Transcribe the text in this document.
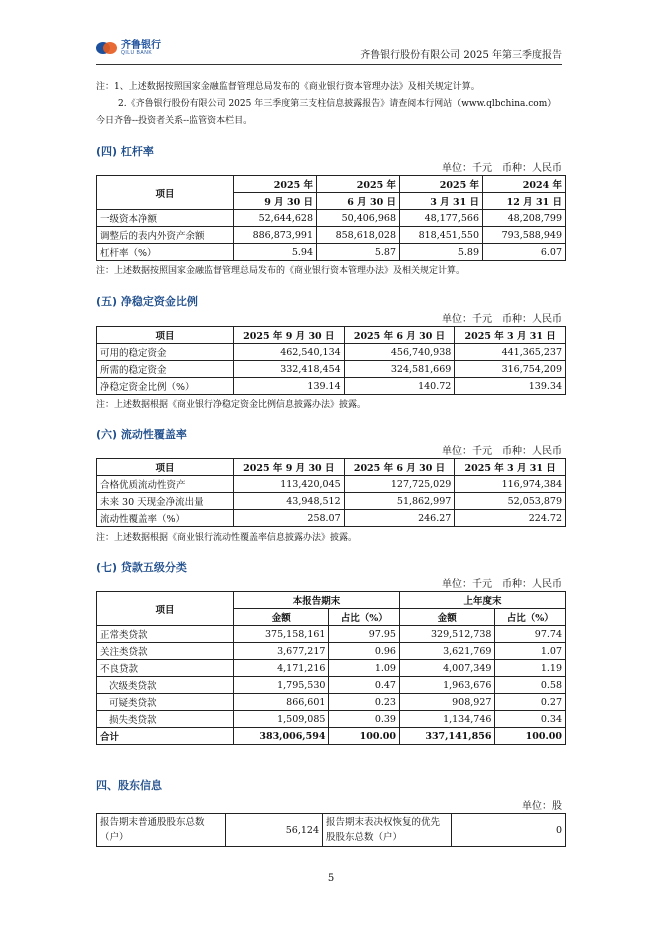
齐鲁银行
QILU BANK	齐鲁银行股份有限公司 2025 年第三季度报告
注：1、上述数据按照国家金融监督管理总局发布的《商业银行资本管理办法》及相关规定计算。
2.《齐鲁银行股份有限公司 2025 年三季度第三支柱信息披露报告》请查阅本行网站（www.qlbchina.com）
今日齐鲁--投资者关系--监管资本栏目。
(四) 杠杆率
单位：千元　币种：人民币
项目	2025 年	2025 年	2025 年	2024 年
	9 月 30 日	6 月 30 日	3 月 31 日	12 月 31 日
一级资本净额	52,644,628	50,406,968	48,177,566	48,208,799
调整后的表内外资产余额	886,873,991	858,618,028	818,451,550	793,588,949
杠杆率（%）	5.94	5.87	5.89	6.07
注：上述数据按照国家金融监督管理总局发布的《商业银行资本管理办法》及相关规定计算。
(五) 净稳定资金比例
单位：千元　币种：人民币
项目	2025 年 9 月 30 日	2025 年 6 月 30 日	2025 年 3 月 31 日
可用的稳定资金	462,540,134	456,740,938	441,365,237
所需的稳定资金	332,418,454	324,581,669	316,754,209
净稳定资金比例（%）	139.14	140.72	139.34
注：上述数据根据《商业银行净稳定资金比例信息披露办法》披露。
(六) 流动性覆盖率
单位：千元　币种：人民币
项目	2025 年 9 月 30 日	2025 年 6 月 30 日	2025 年 3 月 31 日
合格优质流动性资产	113,420,045	127,725,029	116,974,384
未来 30 天现金净流出量	43,948,512	51,862,997	52,053,879
流动性覆盖率（%）	258.07	246.27	224.72
注：上述数据根据《商业银行流动性覆盖率信息披露办法》披露。
(七) 贷款五级分类
单位：千元　币种：人民币
项目	本报告期末		上年度末	
	金额	占比（%）	金额	占比（%）
正常类贷款	375,158,161	97.95	329,512,738	97.74
关注类贷款	3,677,217	0.96	3,621,769	1.07
不良贷款	4,171,216	1.09	4,007,349	1.19
次级类贷款	1,795,530	0.47	1,963,676	0.58
可疑类贷款	866,601	0.23	908,927	0.27
损失类贷款	1,509,085	0.39	1,134,746	0.34
合计	383,006,594	100.00	337,141,856	100.00
四、股东信息
单位：股
报告期末普通股股东总数（户）	56,124	报告期末表决权恢复的优先股股东总数（户）	0
5
